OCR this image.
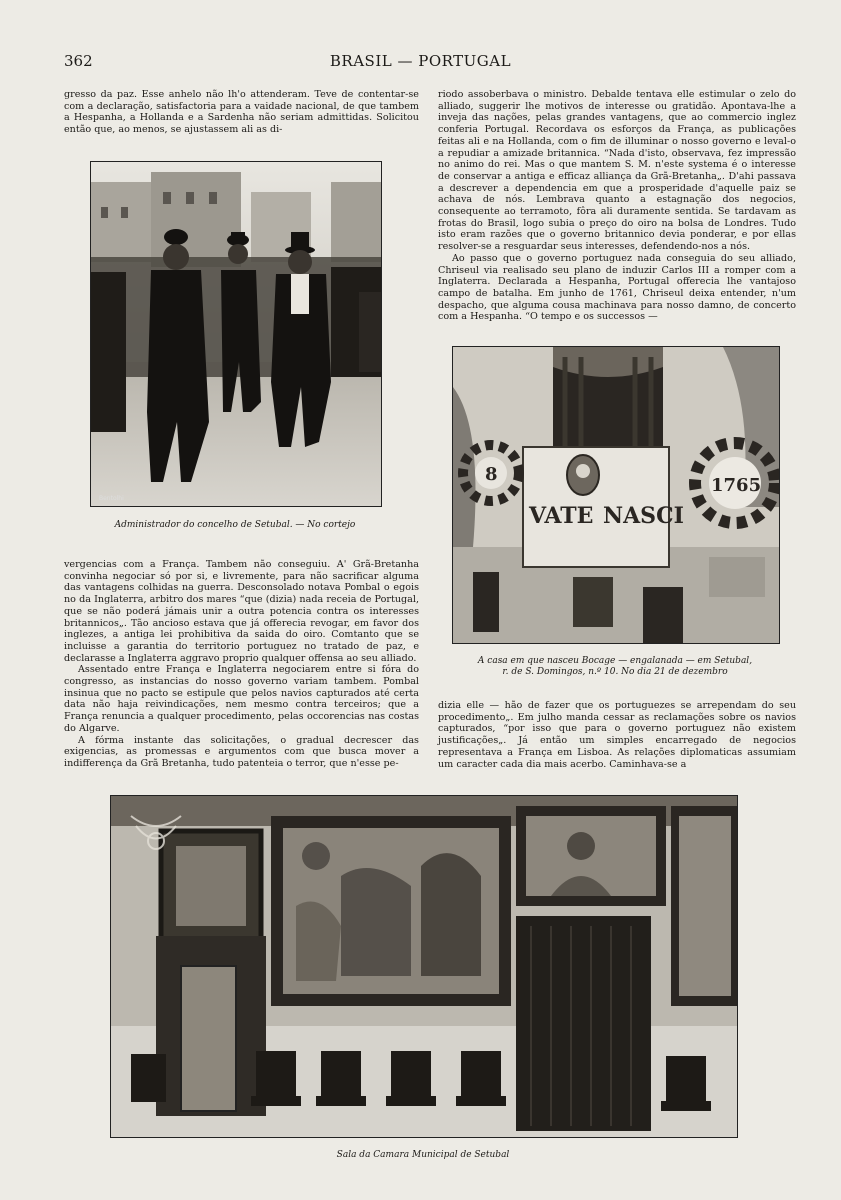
362	BRASIL — PORTUGAL

gresso da paz. Esse anhelo não lh'o attenderam. Teve de contentar-se com a declaração, satisfactoria para a vaidade nacional, de que tambem a Hespanha, a Hollanda e a Sardenha não seriam admittidas. Solicitou então que, ao menos, se ajustassem ali as di-

Bentolhi
Administrador do concelho de Setubal. — No cortejo

vergencias com a França. Tambem não conseguiu. A' Grã-Bretanha convinha negociar só por si, e livremente, para não sacrificar alguma das vantagens colhidas na guerra. Desconsolado notava Pombal o egois no da Inglaterra, arbitro dos mares “que (dizia) nada receia de Portugal, que se não poderá jámais unir a outra potencia contra os interesses britannicos„. Tão ancioso estava que já offerecia revogar, em favor dos inglezes, a antiga lei prohibitiva da saida do oiro. Comtanto que se incluisse a garantia do territorio portuguez no tratado de paz, e declarasse a Inglaterra aggravo proprio qualquer offensa ao seu alliado.

Assentado entre França e Inglaterra negociarem entre si fóra do congresso, as instancias do nosso governo variam tambem. Pombal insinua que no pacto se estipule que pelos navios capturados até certa data não haja reivindicações, nem mesmo contra terceiros; que a França renuncia a qualquer procedimento, pelas occorencias nas costas do Algarve.

A fórma instante das solicitações, o gradual decrescer das exigencias, as promessas e argumentos com que busca mover a indifferença da Grã Bretanha, tudo patenteia o terror, que n'esse pe-

riodo assoberbava o ministro. Debalde tentava elle estimular o zelo do alliado, suggerir lhe motivos de interesse ou gratidão. Apontava-lhe a inveja das nações, pelas grandes vantagens, que ao commercio inglez conferia Portugal. Recordava os esforços da França, as publicações feitas ali e na Hollanda, com o fim de illuminar o nosso governo e leval-o a repudiar a amizade britannica. “Nada d'isto, observava, fez impressão no animo do rei. Mas o que mantem S. M. n'este systema é o interesse de conservar a antiga e efficaz alliança da Grã-Bretanha„. D'ahi passava a descrever a dependencia em que a prosperidade d'aquelle paiz se achava de nós. Lembrava quanto a estagnação dos negocios, consequente ao terramoto, fôra ali duramente sentida. Se tardavam as frotas do Brasil, logo subia o preço do oiro na bolsa de Londres. Tudo isto eram razões que o governo britannico devia ponderar, e por ellas resolver-se a resguardar seus interesses, defendendo-nos a nós.

Ao passo que o governo portuguez nada conseguia do seu alliado, Chriseul via realisado seu plano de induzir Carlos III a romper com a Inglaterra. Declarada a Hespanha, Portugal offerecia lhe vantajoso campo de batalha. Em junho de 1761, Chriseul deixa entender, n'um despacho, que alguma cousa machinava para nosso damno, de concerto com a Hespanha. “O tempo e os successos —

VATE NASCI
8
1765
A casa em que nasceu Bocage — engalanada — em Setubal,
r. de S. Domingos, n.º 10. No dia 21 de dezembro

dizia elle — hão de fazer que os portuguezes se arrependam do seu procedimento„. Em julho manda cessar as reclamações sobre os navios capturados, “por isso que para o governo portuguez não existem justificações„. Já então um simples encarregado de negocios representava a França em Lisboa. As relações diplomaticas assumiam um caracter cada dia mais acerbo. Caminhava-se a

Sala da Camara Municipal de Setubal
